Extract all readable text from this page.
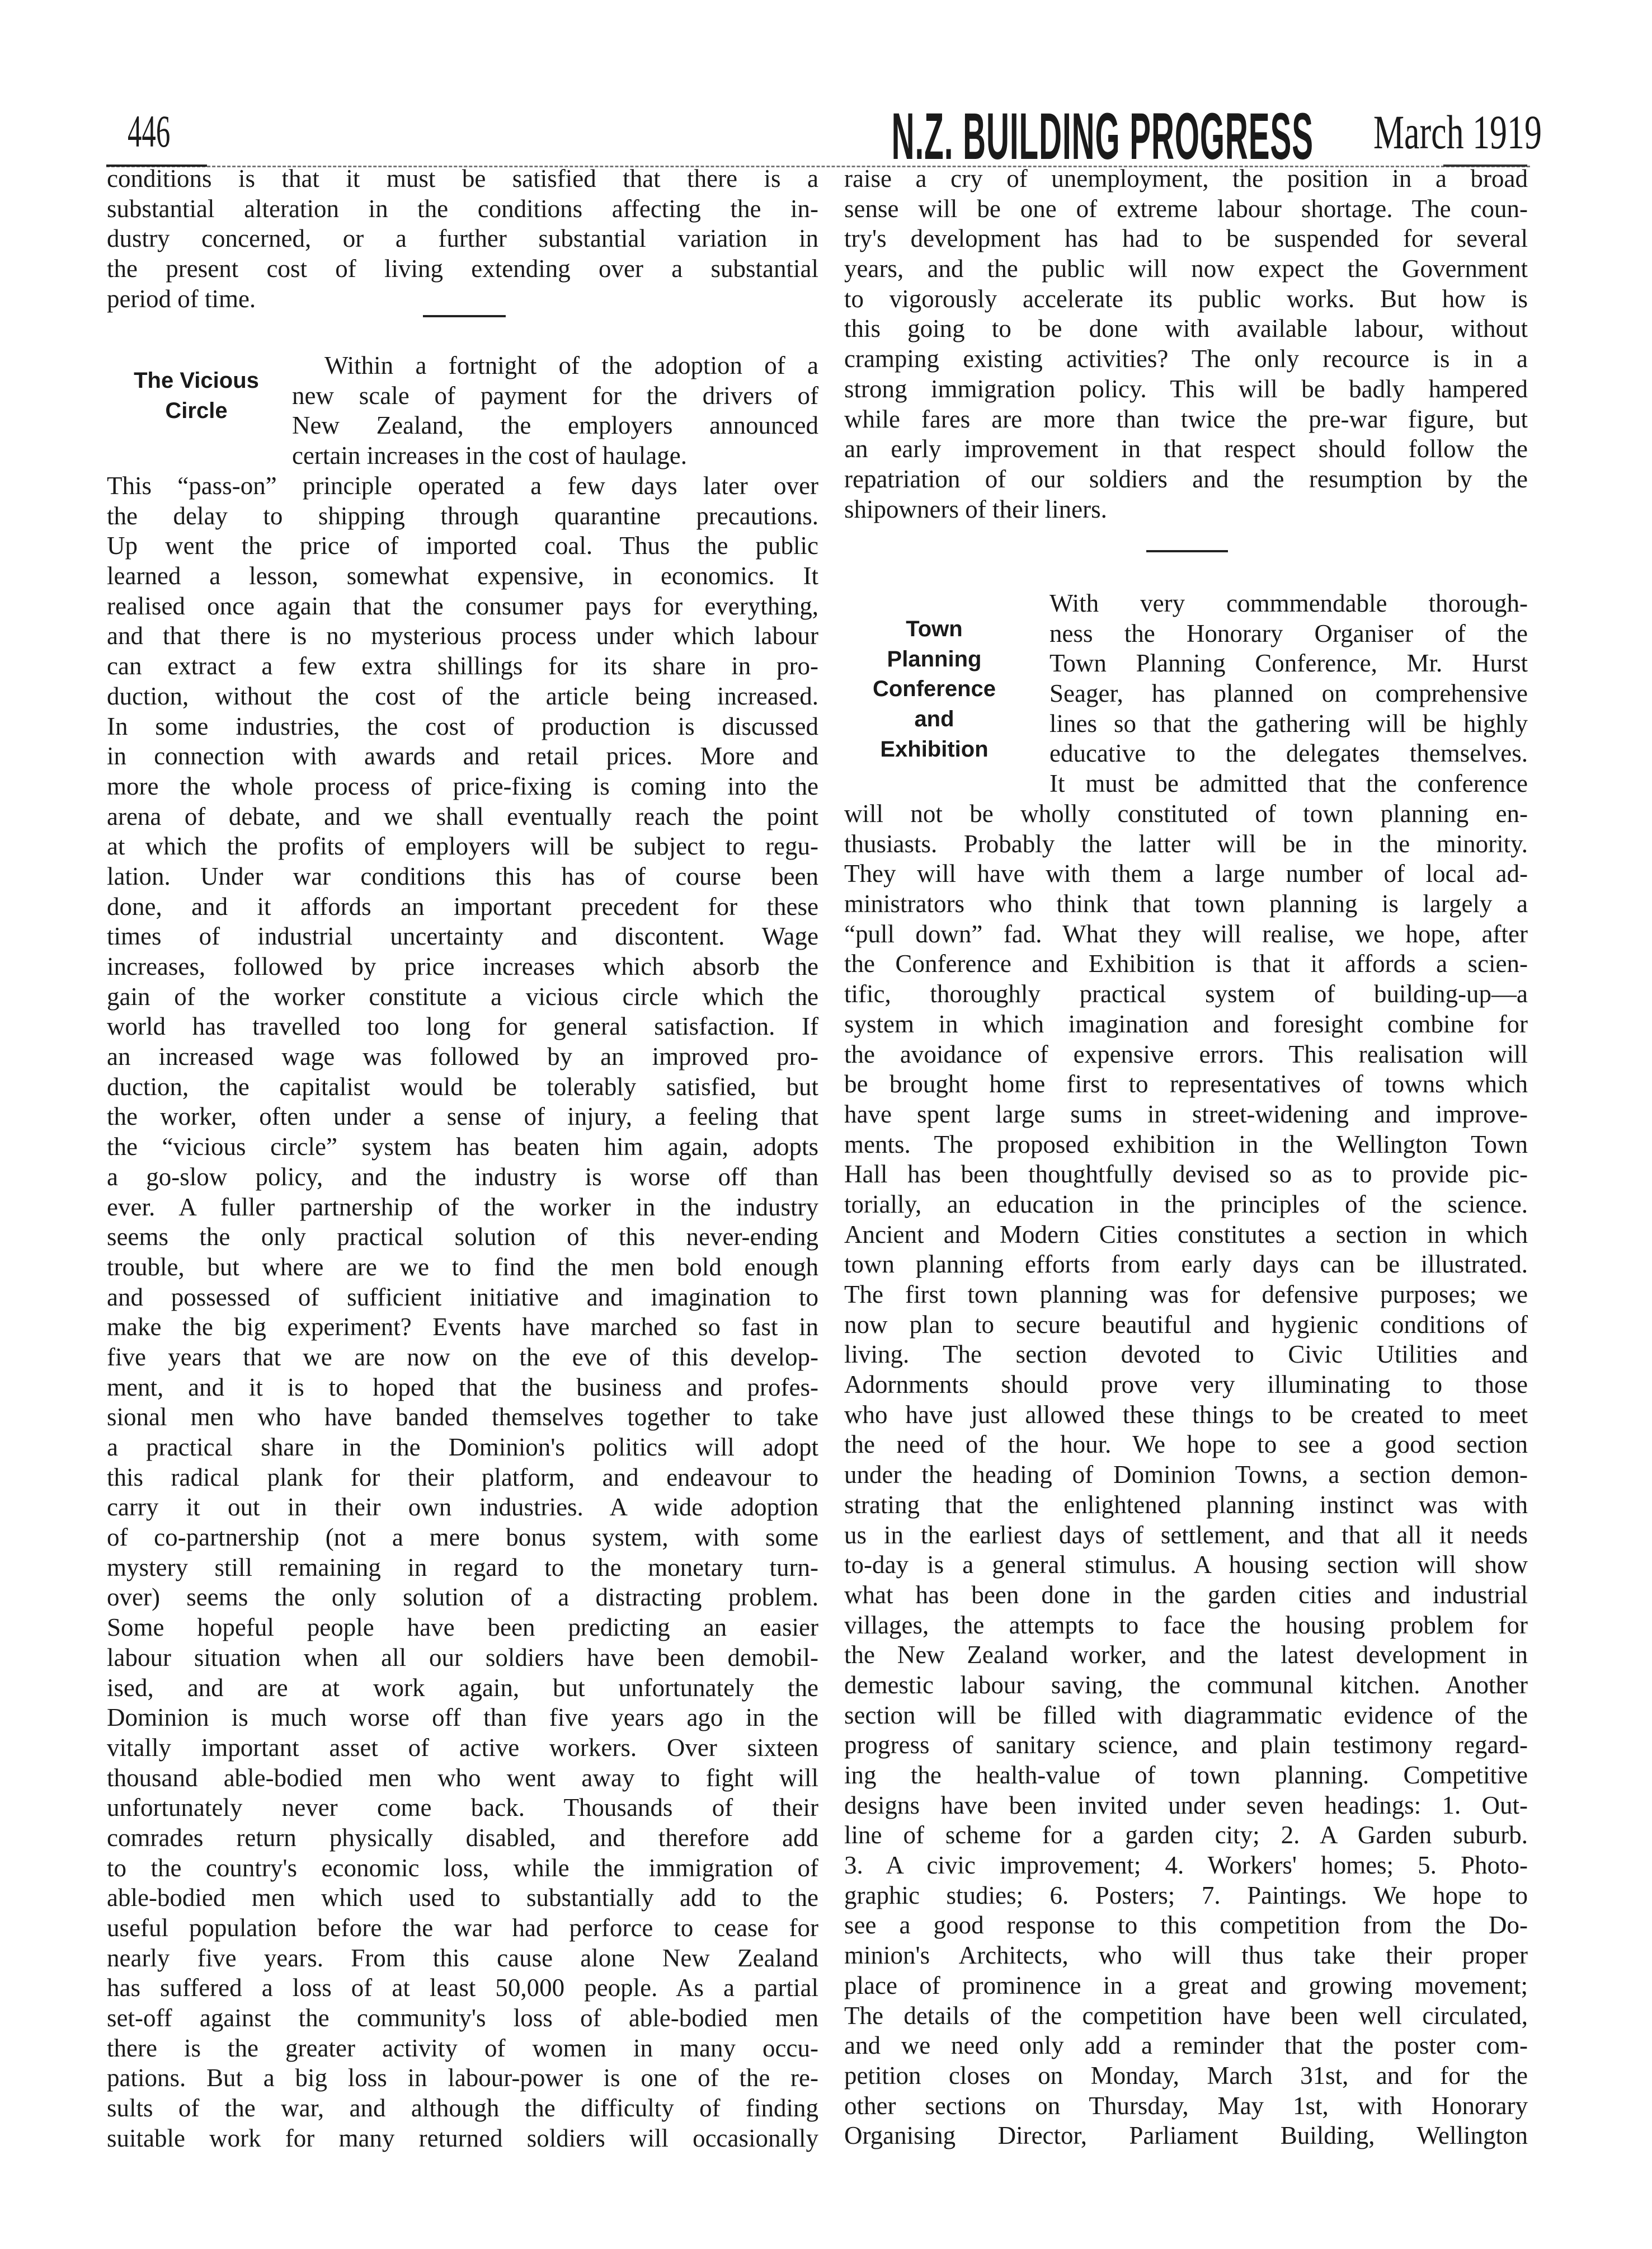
446	N.Z. BUILDING PROGRESS March 1919
conditions is that it must be satisfied that there is a
substantial alteration in the conditions affecting the in-
dustry concerned, or a further substantial variation in
the present cost of living extending over a substantial
period of time.
The Vicious
Circle
Within a fortnight of the adoption of a
new scale of payment for the drivers of
New Zealand, the employers announced
certain increases in the cost of haulage.
This “pass-on” principle operated a few days later over
the delay to shipping through quarantine precautions.
Up went the price of imported coal. Thus the public
learned a lesson, somewhat expensive, in economics. It
realised once again that the consumer pays for everything,
and that there is no mysterious process under which labour
can extract a few extra shillings for its share in pro-
duction, without the cost of the article being increased.
In some industries, the cost of production is discussed
in connection with awards and retail prices. More and
more the whole process of price-fixing is coming into the
arena of debate, and we shall eventually reach the point
at which the profits of employers will be subject to regu-
lation. Under war conditions this has of course been
done, and it affords an important precedent for these
times of industrial uncertainty and discontent. Wage
increases, followed by price increases which absorb the
gain of the worker constitute a vicious circle which the
world has travelled too long for general satisfaction. If
an increased wage was followed by an improved pro-
duction, the capitalist would be tolerably satisfied, but
the worker, often under a sense of injury, a feeling that
the “vicious circle” system has beaten him again, adopts
a go-slow policy, and the industry is worse off than
ever. A fuller partnership of the worker in the industry
seems the only practical solution of this never-ending
trouble, but where are we to find the men bold enough
and possessed of sufficient initiative and imagination to
make the big experiment? Events have marched so fast in
five years that we are now on the eve of this develop-
ment, and it is to hoped that the business and profes-
sional men who have banded themselves together to take
a practical share in the Dominion's politics will adopt
this radical plank for their platform, and endeavour to
carry it out in their own industries. A wide adoption
of co-partnership (not a mere bonus system, with some
mystery still remaining in regard to the monetary turn-
over) seems the only solution of a distracting problem.
Some hopeful people have been predicting an easier
labour situation when all our soldiers have been demobil-
ised, and are at work again, but unfortunately the
Dominion is much worse off than five years ago in the
vitally important asset of active workers. Over sixteen
thousand able-bodied men who went away to fight will
unfortunately never come back. Thousands of their
comrades return physically disabled, and therefore add
to the country's economic loss, while the immigration of
able-bodied men which used to substantially add to the
useful population before the war had perforce to cease for
nearly five years. From this cause alone New Zealand
has suffered a loss of at least 50,000 people. As a partial
set-off against the community's loss of able-bodied men
there is the greater activity of women in many occu-
pations. But a big loss in labour-power is one of the re-
sults of the war, and although the difficulty of finding
suitable work for many returned soldiers will occasionally
raise a cry of unemployment, the position in a broad
sense will be one of extreme labour shortage. The coun-
try's development has had to be suspended for several
years, and the public will now expect the Government
to vigorously accelerate its public works. But how is
this going to be done with available labour, without
cramping existing activities? The only recource is in a
strong immigration policy. This will be badly hampered
while fares are more than twice the pre-war figure, but
an early improvement in that respect should follow the
repatriation of our soldiers and the resumption by the
shipowners of their liners.
Town
Planning
Conference
and
Exhibition
With very commmendable thorough-
ness the Honorary Organiser of the
Town Planning Conference, Mr. Hurst
Seager, has planned on comprehensive
lines so that the gathering will be highly
educative to the delegates themselves.
It must be admitted that the conference
will not be wholly constituted of town planning en-
thusiasts. Probably the latter will be in the minority.
They will have with them a large number of local ad-
ministrators who think that town planning is largely a
“pull down” fad. What they will realise, we hope, after
the Conference and Exhibition is that it affords a scien-
tific, thoroughly practical system of building-up—a
system in which imagination and foresight combine for
the avoidance of expensive errors. This realisation will
be brought home first to representatives of towns which
have spent large sums in street-widening and improve-
ments. The proposed exhibition in the Wellington Town
Hall has been thoughtfully devised so as to provide pic-
torially, an education in the principles of the science.
Ancient and Modern Cities constitutes a section in which
town planning efforts from early days can be illustrated.
The first town planning was for defensive purposes; we
now plan to secure beautiful and hygienic conditions of
living. The section devoted to Civic Utilities and
Adornments should prove very illuminating to those
who have just allowed these things to be created to meet
the need of the hour. We hope to see a good section
under the heading of Dominion Towns, a section demon-
strating that the enlightened planning instinct was with
us in the earliest days of settlement, and that all it needs
to-day is a general stimulus. A housing section will show
what has been done in the garden cities and industrial
villages, the attempts to face the housing problem for
the New Zealand worker, and the latest development in
demestic labour saving, the communal kitchen. Another
section will be filled with diagrammatic evidence of the
progress of sanitary science, and plain testimony regard-
ing the health-value of town planning. Competitive
designs have been invited under seven headings: 1. Out-
line of scheme for a garden city; 2. A Garden suburb.
3. A civic improvement; 4. Workers' homes; 5. Photo-
graphic studies; 6. Posters; 7. Paintings. We hope to
see a good response to this competition from the Do-
minion's Architects, who will thus take their proper
place of prominence in a great and growing movement;
The details of the competition have been well circulated,
and we need only add a reminder that the poster com-
petition closes on Monday, March 31st, and for the
other sections on Thursday, May 1st, with Honorary
Organising Director, Parliament Building, Wellington
